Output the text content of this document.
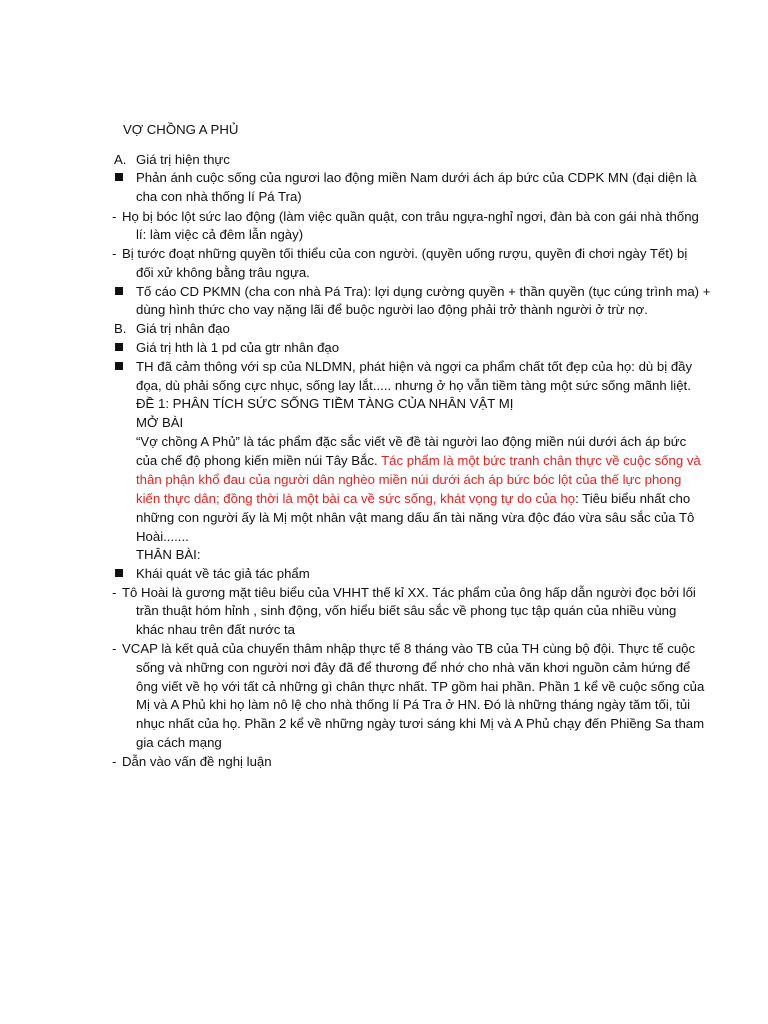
VỢ CHỒNG A PHỦ
A. Giá trị hiện thực
Phản ánh cuộc sống của ngươi lao động miền Nam dưới ách áp bức của CDPK MN (đại diện là
cha con nhà thống lí Pá Tra)
- Họ bị bóc lột sức lao động (làm việc quần quật, con trâu ngựa-nghỉ ngơi, đàn bà con gái nhà thống
lí: làm việc cả đêm lẫn ngày)
- Bị tước đoạt những quyền tối thiểu của con người. (quyền uống rượu, quyền đi chơi ngày Tết) bị
đối xử không bằng trâu ngựa.
Tố cáo CD PKMN (cha con nhà Pá Tra): lợi dụng cường quyền + thần quyền (tục cúng trình ma) +
dùng hình thức cho vay nặng lãi để buộc người lao động phải trở thành người ở trừ nợ.
B. Giá trị nhân đạo
Giá trị hth là 1 pd của gtr nhân đạo
TH đã cảm thông với sp của NLDMN, phát hiện và ngợi ca phẩm chất tốt đẹp của họ: dù bị đầy
đọa, dù phải sống cực nhục, sống lay lắt..... nhưng ở họ vẫn tiềm tàng một sức sống mãnh liệt.
ĐỀ 1: PHÂN TÍCH SỨC SỐNG TIỀM TÀNG CỦA NHÂN VẬT MỊ
MỞ BÀI
“Vợ chồng A Phủ” là tác phẩm đặc sắc viết về đề tài người lao động miền núi dưới ách áp bức
của chế độ phong kiến miền núi Tây Bắc. Tác phẩm là một bức tranh chân thực về cuộc sống và
thân phận khổ đau của người dân nghèo miền núi dưới ách áp bức bóc lột của thế lực phong
kiến thực dân; đồng thời là một bài ca về sức sống, khát vọng tự do của họ: Tiêu biểu nhất cho
những con người ấy là Mị một nhân vật mang dấu ấn tài năng vừa độc đáo vừa sâu sắc của Tô
Hoài.......
THÂN BÀI:
Khái quát về tác giả tác phẩm
- Tô Hoài là gương mặt tiêu biểu của VHHT thế kỉ XX. Tác phẩm của ông hấp dẫn người đọc bởi lối
trần thuật hóm hỉnh , sinh động, vốn hiểu biết sâu sắc về phong tục tập quán của nhiều vùng
khác nhau trên đất nước ta
- VCAP là kết quả của chuyến thâm nhập thực tế 8 tháng vào TB của TH cùng bộ đội. Thực tế cuộc
sống và những con người nơi đây đã để thương để nhớ cho nhà văn khơi nguồn cảm hứng để
ông viết về họ với tất cả những gì chân thực nhất. TP gồm hai phần. Phần 1 kể về cuộc sống của
Mị và A Phủ khi họ làm nô lệ cho nhà thống lí Pá Tra ở HN. Đó là những tháng ngày tăm tối, tủi
nhục nhất của họ. Phần 2 kể về những ngày tươi sáng khi Mị và A Phủ chạy đến Phiềng Sa tham
gia cách mạng
- Dẫn vào vấn đề nghị luận
